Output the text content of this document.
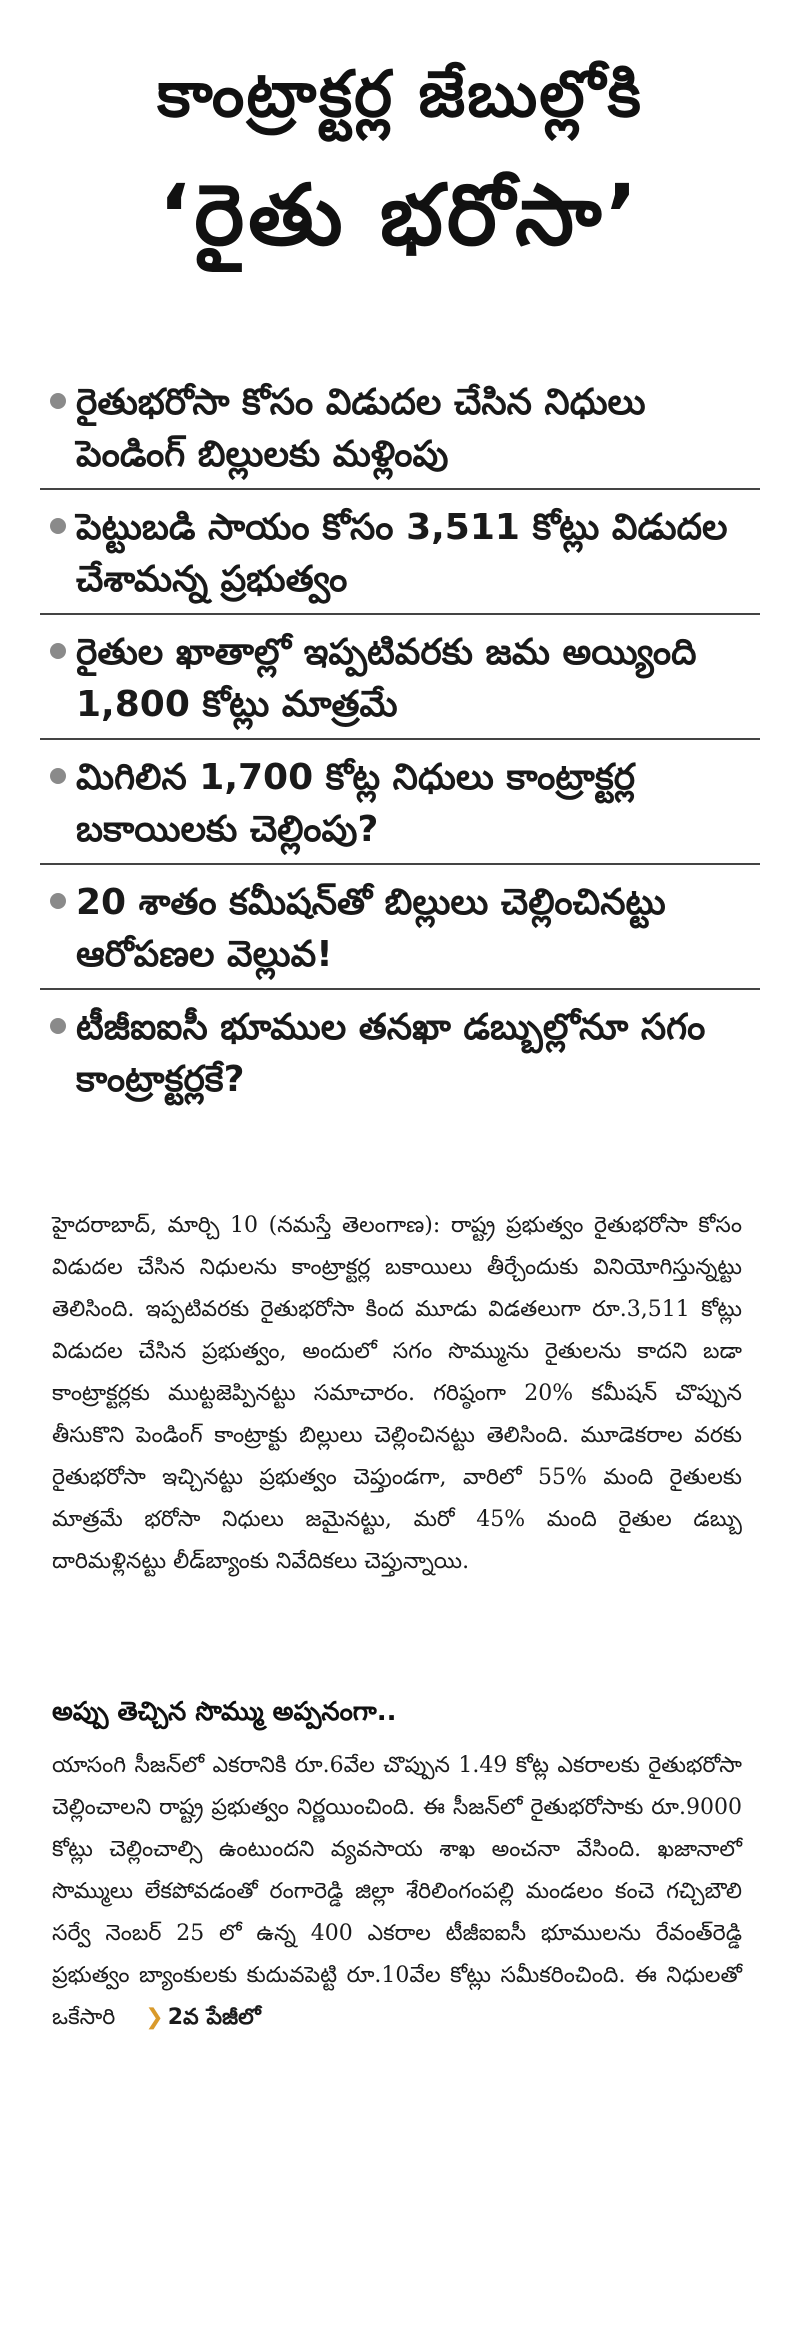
కాంట్రాక్టర్ల జేబుల్లోకి
‘రైతు భరోసా’
రైతుభరోసా కోసం విడుదల చేసిన నిధులు పెండింగ్ బిల్లులకు మళ్లింపు
పెట్టుబడి సాయం కోసం 3,511 కోట్లు విడుదల చేశామన్న ప్రభుత్వం
రైతుల ఖాతాల్లో ఇప్పటివరకు జమ అయ్యింది 1,800 కోట్లు మాత్రమే
మిగిలిన 1,700 కోట్ల నిధులు కాంట్రాక్టర్ల బకాయిలకు చెల్లింపు?
20 శాతం కమీషన్‌తో బిల్లులు చెల్లించినట్టు ఆరోపణల వెల్లువ!
టీజీఐఐసీ భూముల తనఖా డబ్బుల్లోనూ సగం కాంట్రాక్టర్లకే?
హైదరాబాద్, మార్చి 10 (నమస్తే తెలంగాణ): రాష్ట్ర ప్రభుత్వం రైతుభరోసా కోసం విడుదల చేసిన నిధులను కాంట్రాక్టర్ల బకాయిలు తీర్చేందుకు వినియోగిస్తున్నట్టు తెలిసింది. ఇప్పటివరకు రైతుభరోసా కింద మూడు విడతలుగా రూ.3,511 కోట్లు విడుదల చేసిన ప్రభుత్వం, అందులో సగం సొమ్మును రైతులను కాదని బడా కాంట్రాక్టర్లకు ముట్టజెప్పినట్టు సమాచారం. గరిష్ఠంగా 20% కమీషన్ చొప్పున తీసుకొని పెండింగ్ కాంట్రాక్టు బిల్లులు చెల్లించినట్టు తెలిసింది. మూడెకరాల వరకు రైతుభరోసా ఇచ్చినట్టు ప్రభుత్వం చెప్తుండగా, వారిలో 55% మంది రైతులకు మాత్రమే భరోసా నిధులు జమైనట్టు, మరో 45% మంది రైతుల డబ్బు దారిమళ్లినట్టు లీడ్‌బ్యాంకు నివేదికలు చెప్తున్నాయి.
అప్పు తెచ్చిన సొమ్ము అప్పనంగా..
యాసంగి సీజన్‌లో ఎకరానికి రూ.6వేల చొప్పున 1.49 కోట్ల ఎకరాలకు రైతుభరోసా చెల్లించాలని రాష్ట్ర ప్రభుత్వం నిర్ణయించింది. ఈ సీజన్‌లో రైతుభరోసాకు రూ.9000 కోట్లు చెల్లించాల్సి ఉంటుందని వ్యవసాయ శాఖ అంచనా వేసింది. ఖజానాలో సొమ్ములు లేకపోవడంతో రంగారెడ్డి జిల్లా శేరిలింగంపల్లి మండలం కంచె గచ్చిబౌలి సర్వే నెంబర్ 25 లో ఉన్న 400 ఎకరాల టీజీఐఐసీ భూములను రేవంత్‌రెడ్డి ప్రభుత్వం బ్యాంకులకు కుదువపెట్టి రూ.10వేల కోట్లు సమీకరించింది. ఈ నిధులతో ఒకేసారి ❯ 2వ పేజీలో
